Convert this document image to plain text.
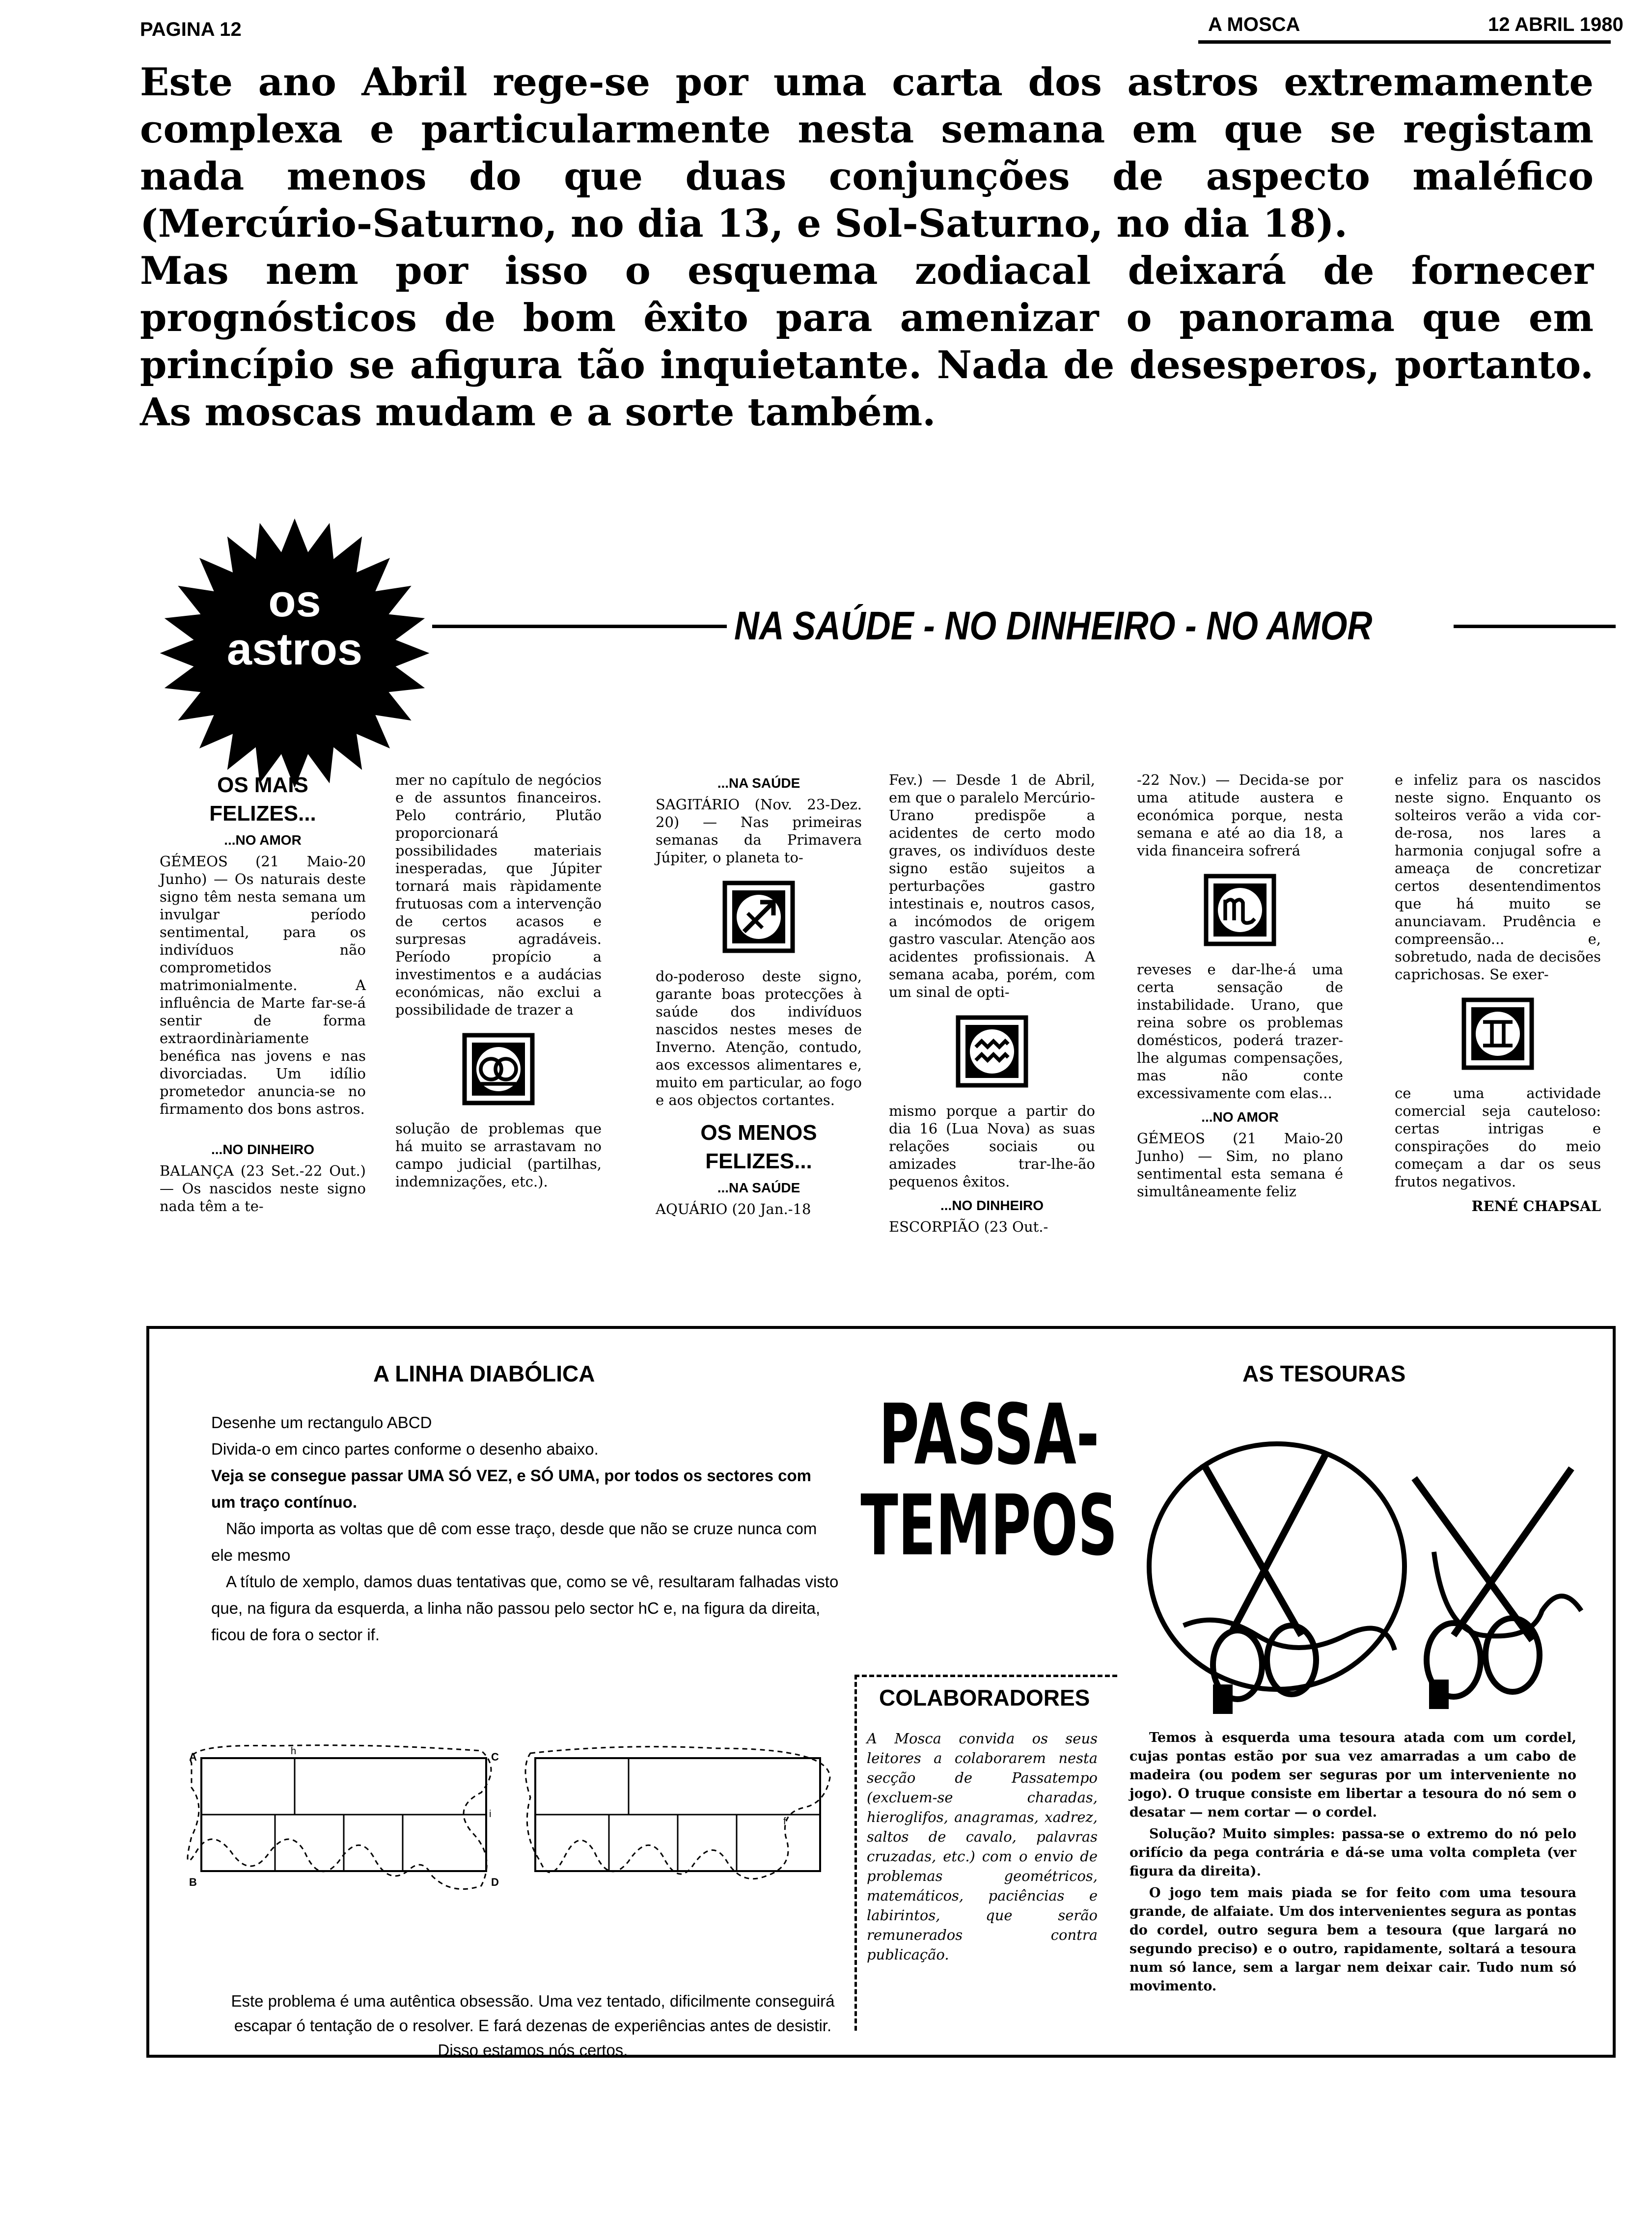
PAGINA 12	A MOSCA	12 ABRIL 1980

Este ano Abril rege-se por uma carta dos astros extremamente complexa e particularmente nesta semana em que se registam nada menos do que duas conjunções de aspecto maléfico (Mercúrio-Saturno, no dia 13, e Sol-Saturno, no dia 18).

Mas nem por isso o esquema zodiacal deixará de fornecer prognósticos de bom êxito para amenizar o panorama que em princípio se afigura tão inquietante. Nada de desesperos, portanto. As moscas mudam e a sorte também.

os
astros	NA SAÚDE - NO DINHEIRO - NO AMOR
OS MAIS
FELIZES...
...NO AMOR

GÉMEOS (21 Maio-20 Junho) — Os naturais deste signo têm nesta semana um invulgar período sentimental, para os indivíduos não comprometidos matrimonialmente. A influência de Marte far-se-á sentir de forma extraordinàriamente benéfica nas jovens e nas divorciadas. Um idílio prometedor anuncia-se no firmamento dos bons astros.

...NO DINHEIRO

BALANÇA (23 Set.-22 Out.) — Os nascidos neste signo nada têm a te-

mer no capítulo de negócios e de assuntos financeiros. Pelo contrário, Plutão proporcionará possibilidades materiais inesperadas, que Júpiter tornará mais ràpidamente frutuosas com a intervenção de certos acasos e surpresas agradáveis. Período propício a investimentos e a audácias económicas, não exclui a possibilidade de trazer a

solução de problemas que há muito se arrastavam no campo judicial (partilhas, indemnizações, etc.).

...NA SAÚDE

SAGITÁRIO (Nov. 23-Dez. 20) — Nas primeiras semanas da Primavera Júpiter, o planeta to-

do-poderoso deste signo, garante boas protecções à saúde dos indivíduos nascidos nestes meses de Inverno. Atenção, contudo, aos excessos alimentares e, muito em particular, ao fogo e aos objectos cortantes.

OS MENOS
FELIZES...
...NA SAÚDE

AQUÁRIO (20 Jan.-18

Fev.) — Desde 1 de Abril, em que o paralelo Mercúrio-Urano predispõe a acidentes de certo modo graves, os indivíduos deste signo estão sujeitos a perturbações gastro intestinais e, noutros casos, a incómodos de origem gastro vascular. Atenção aos acidentes profissionais. A semana acaba, porém, com um sinal de opti-

mismo porque a partir do dia 16 (Lua Nova) as suas relações sociais ou amizades trar-lhe-ão pequenos êxitos.

...NO DINHEIRO

ESCORPIÃO (23 Out.-

-22 Nov.) — Decida-se por uma atitude austera e económica porque, nesta semana e até ao dia 18, a vida financeira sofrerá

reveses e dar-lhe-á uma certa sensação de instabilidade. Urano, que reina sobre os problemas domésticos, poderá trazer-lhe algumas compensações, mas não conte excessivamente com elas...

...NO AMOR

GÉMEOS (21 Maio-20 Junho) — Sim, no plano sentimental esta semana é simultâneamente feliz

e infeliz para os nascidos neste signo. Enquanto os solteiros verão a vida cor-de-rosa, nos lares a harmonia conjugal sofre a ameaça de concretizar certos desentendimentos que há muito se anunciavam. Prudência e compreensão... e, sobretudo, nada de decisões caprichosas. Se exer-

ce uma actividade comercial seja cauteloso: certas intrigas e conspirações do meio começam a dar os seus frutos negativos.

RENÉ CHAPSAL
A LINHA DIABÓLICA

Desenhe um rectangulo ABCD

Divida-o em cinco partes conforme o desenho abaixo.

Veja se consegue passar UMA SÓ VEZ, e SÓ UMA, por todos os sectores com um traço contínuo.

Não importa as voltas que dê com esse traço, desde que não se cruze nunca com ele mesmo

A título de xemplo, damos duas tentativas que, como se vê, resultaram falhadas visto que, na figura da esquerda, a linha não passou pelo sector hC e, na figura da direita, ficou de fora o sector if.

A	C
B	D
h
i
f
Este problema é uma autêntica obsessão. Uma vez tentado, dificilmente conseguirá escapar ó tentação de o resolver. E fará dezenas de experiências antes de desistir. Disso estamos nós certos.
PASSA-
TEMPOS
COLABORADORES
A Mosca convida os seus leitores a colaborarem nesta secção de Passatempo (excluem-se charadas, hieroglifos, anagramas, xadrez, saltos de cavalo, palavras cruzadas, etc.) com o envio de problemas geométricos, matemáticos, paciências e labirintos, que serão remunerados contra publicação.
AS TESOURAS

Temos à esquerda uma tesoura atada com um cordel, cujas pontas estão por sua vez amarradas a um cabo de madeira (ou podem ser seguras por um interveniente no jogo). O truque consiste em libertar a tesoura do nó sem o desatar — nem cortar — o cordel.

Solução? Muito simples: passa-se o extremo do nó pelo orifício da pega contrária e dá-se uma volta completa (ver figura da direita).

O jogo tem mais piada se for feito com uma tesoura grande, de alfaiate. Um dos intervenientes segura as pontas do cordel, outro segura bem a tesoura (que largará no segundo preciso) e o outro, rapidamente, soltará a tesoura num só lance, sem a largar nem deixar cair. Tudo num só movimento.
